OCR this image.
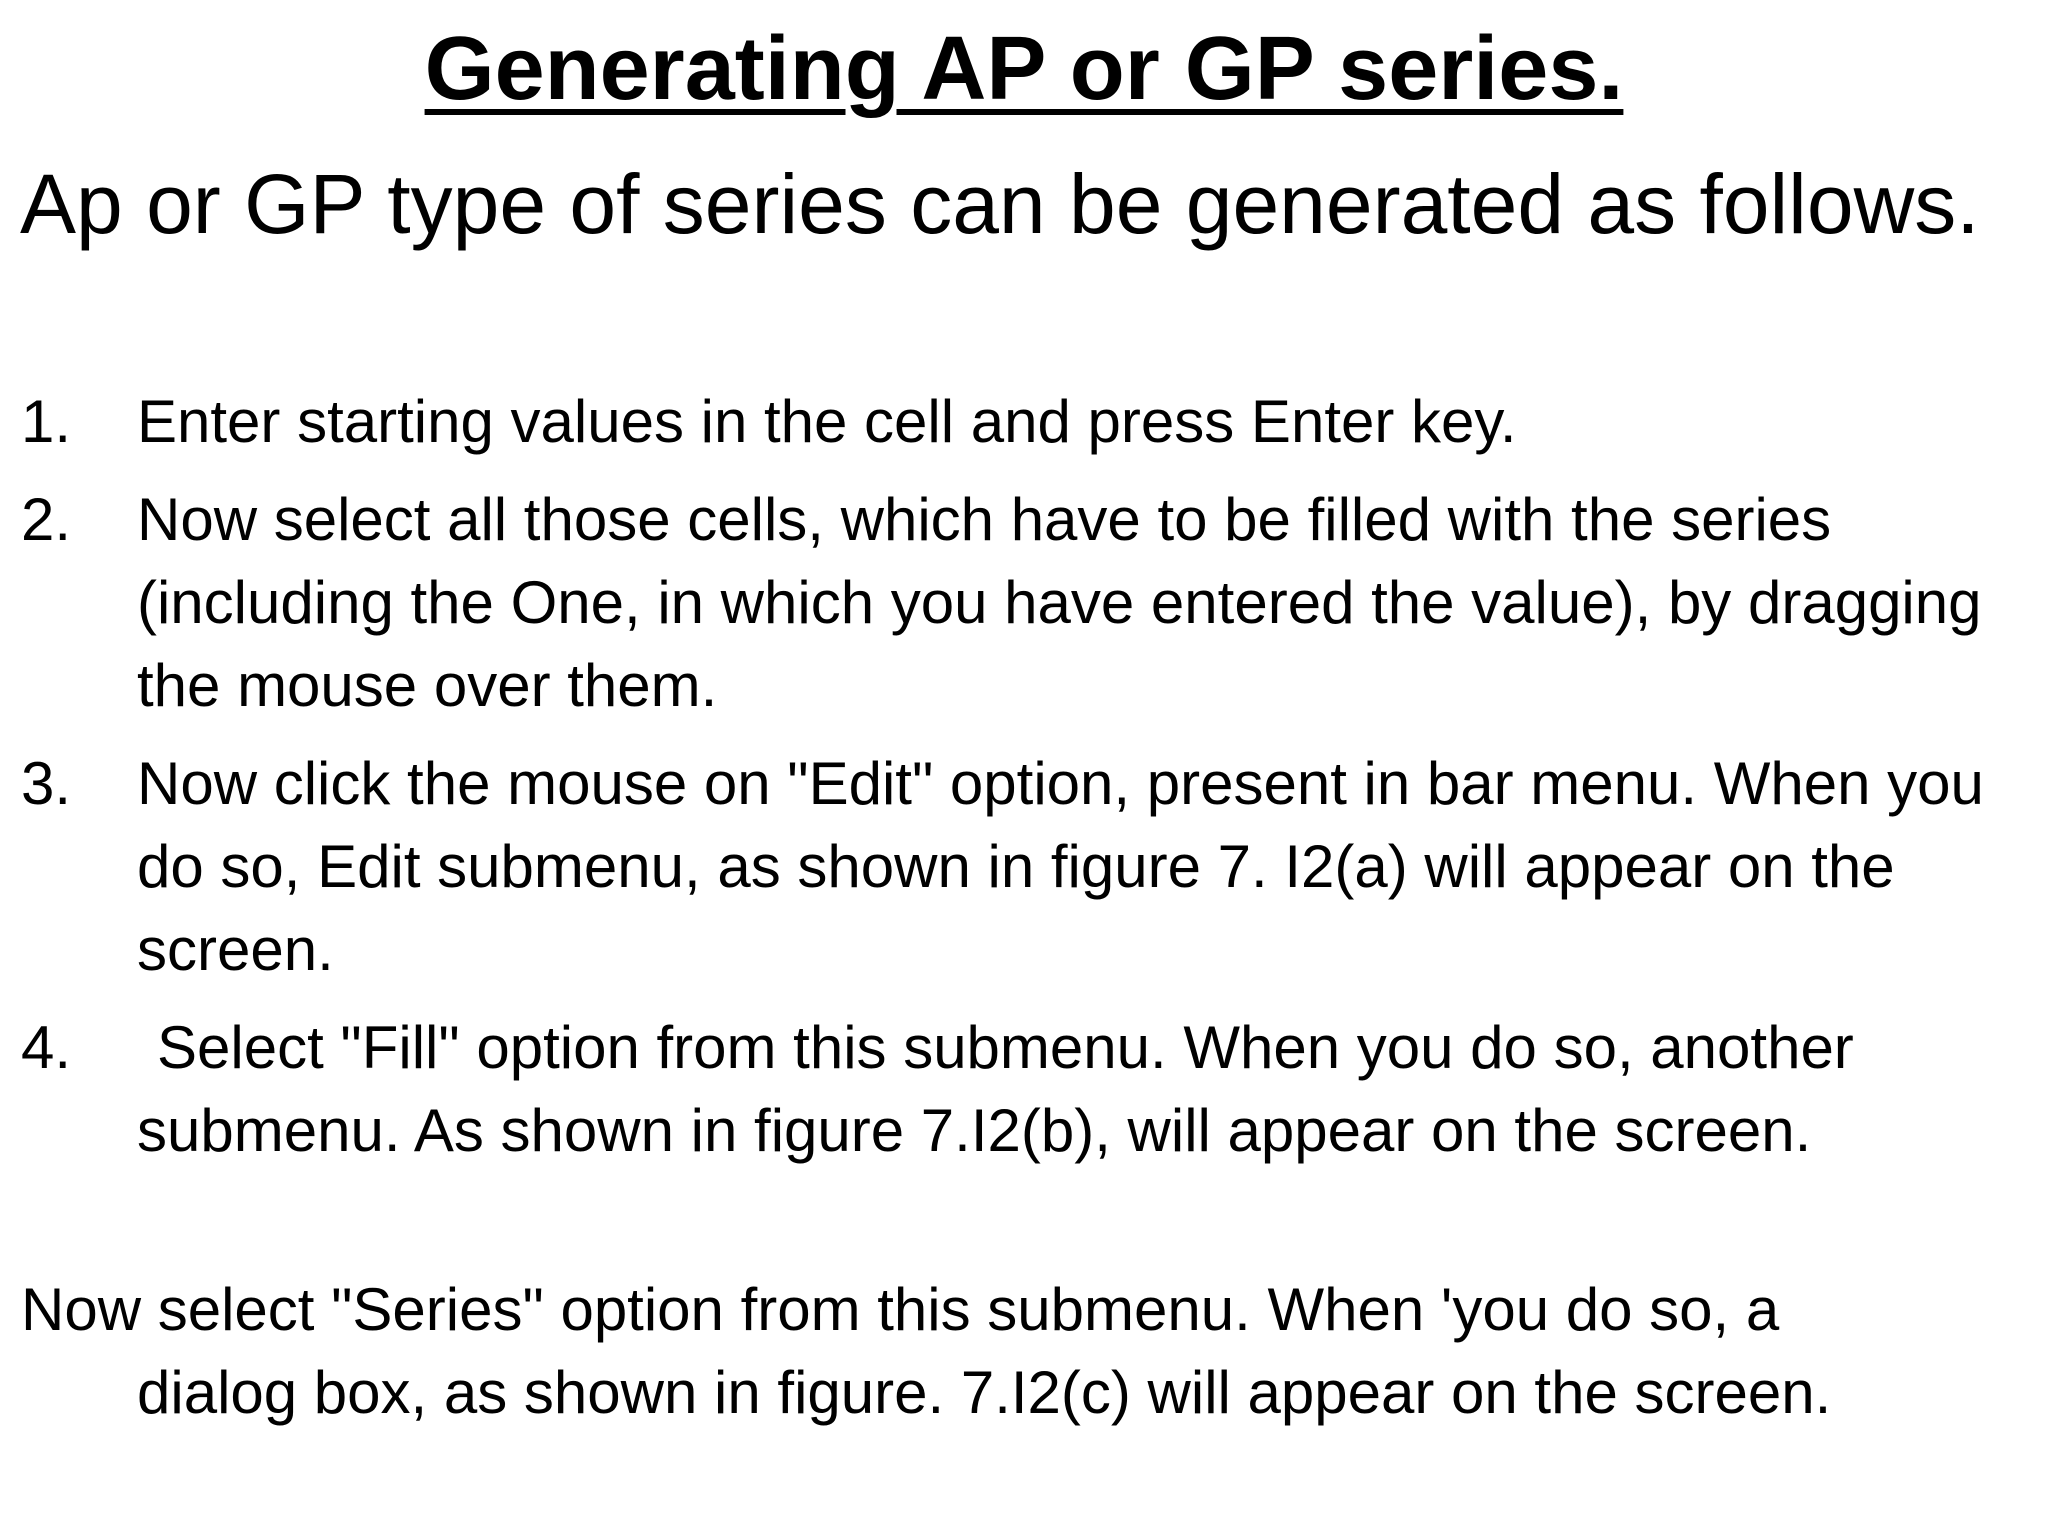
Generating AP or GP series.

Ap or GP type of series can be generated as follows.

1. Enter starting values in the cell and press Enter key.
2. Now select all those cells, which have to be filled with the series (including the One, in which you have entered the value), by dragging the mouse over them.
3. Now click the mouse on "Edit" option, present in bar menu. When you do so, Edit submenu, as shown in figure 7. I2(a) will appear on the screen.
4. Select "Fill" option from this submenu. When you do so, another submenu. As shown in figure 7.I2(b), will appear on the screen.

Now select "Series" option from this submenu. When 'you do so, a
dialog box, as shown in figure. 7.I2(c) will appear on the screen.
